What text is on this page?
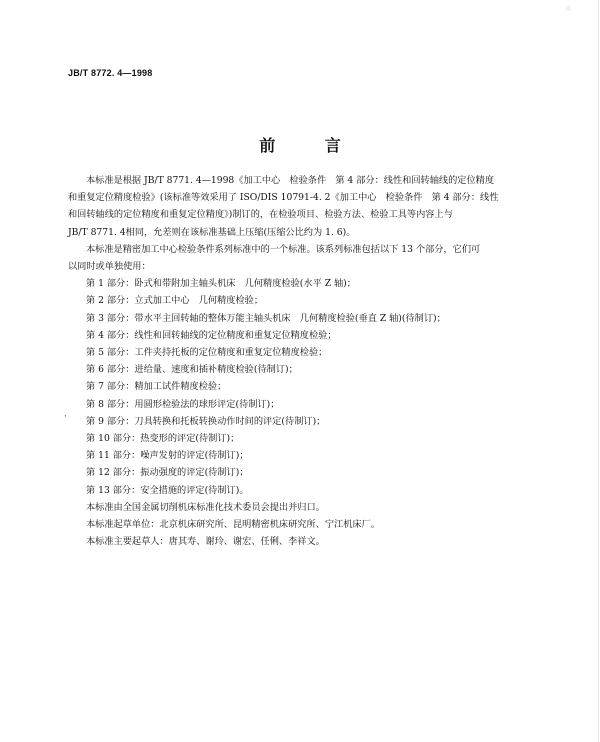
▫
JB/T 8772. 4—1998
前 言
·

本标准是根据 JB/T 8771. 4—1998《加工中心　检验条件　第 4 部分：线性和回转轴线的定位精度
和重复定位精度检验》(该标准等效采用了 ISO/DIS 10791-4. 2《加工中心　检验条件　第 4 部分：线性
和回转轴线的定位精度和重复定位精度》)制订的，在检验项目、检验方法、检验工具等内容上与
JB/T 8771. 4相同，允差则在该标准基础上压缩(压缩公比约为 1. 6)。

本标准是精密加工中心检验条件系列标准中的一个标准。该系列标准包括以下 13 个部分，它们可
以同时或单独使用：

第 1 部分：卧式和带附加主轴头机床　几何精度检验(水平 Z 轴)；
第 2 部分：立式加工中心　几何精度检验；
第 3 部分：带水平主回转轴的整体万能主轴头机床　几何精度检验(垂直 Z 轴)(待制订)；
第 4 部分：线性和回转轴线的定位精度和重复定位精度检验；
第 5 部分：工件夹持托板的定位精度和重复定位精度检验；
第 6 部分：进给量、速度和插补精度检验(待制订)；
第 7 部分：精加工试件精度检验；
第 8 部分：用圆形检验法的球形评定(待制订)；
第 9 部分：刀具转换和托板转换动作时间的评定(待制订)；
第 10 部分：热变形的评定(待制订)；
第 11 部分：噪声发射的评定(待制订)；
第 12 部分：振动强度的评定(待制订)；
第 13 部分：安全措施的评定(待制订)。
本标准由全国金属切削机床标准化技术委员会提出并归口。
本标准起草单位：北京机床研究所、昆明精密机床研究所、宁江机床厂。
本标准主要起草人：唐其寿、谢玲、谢宏、任俐、李祥文。
